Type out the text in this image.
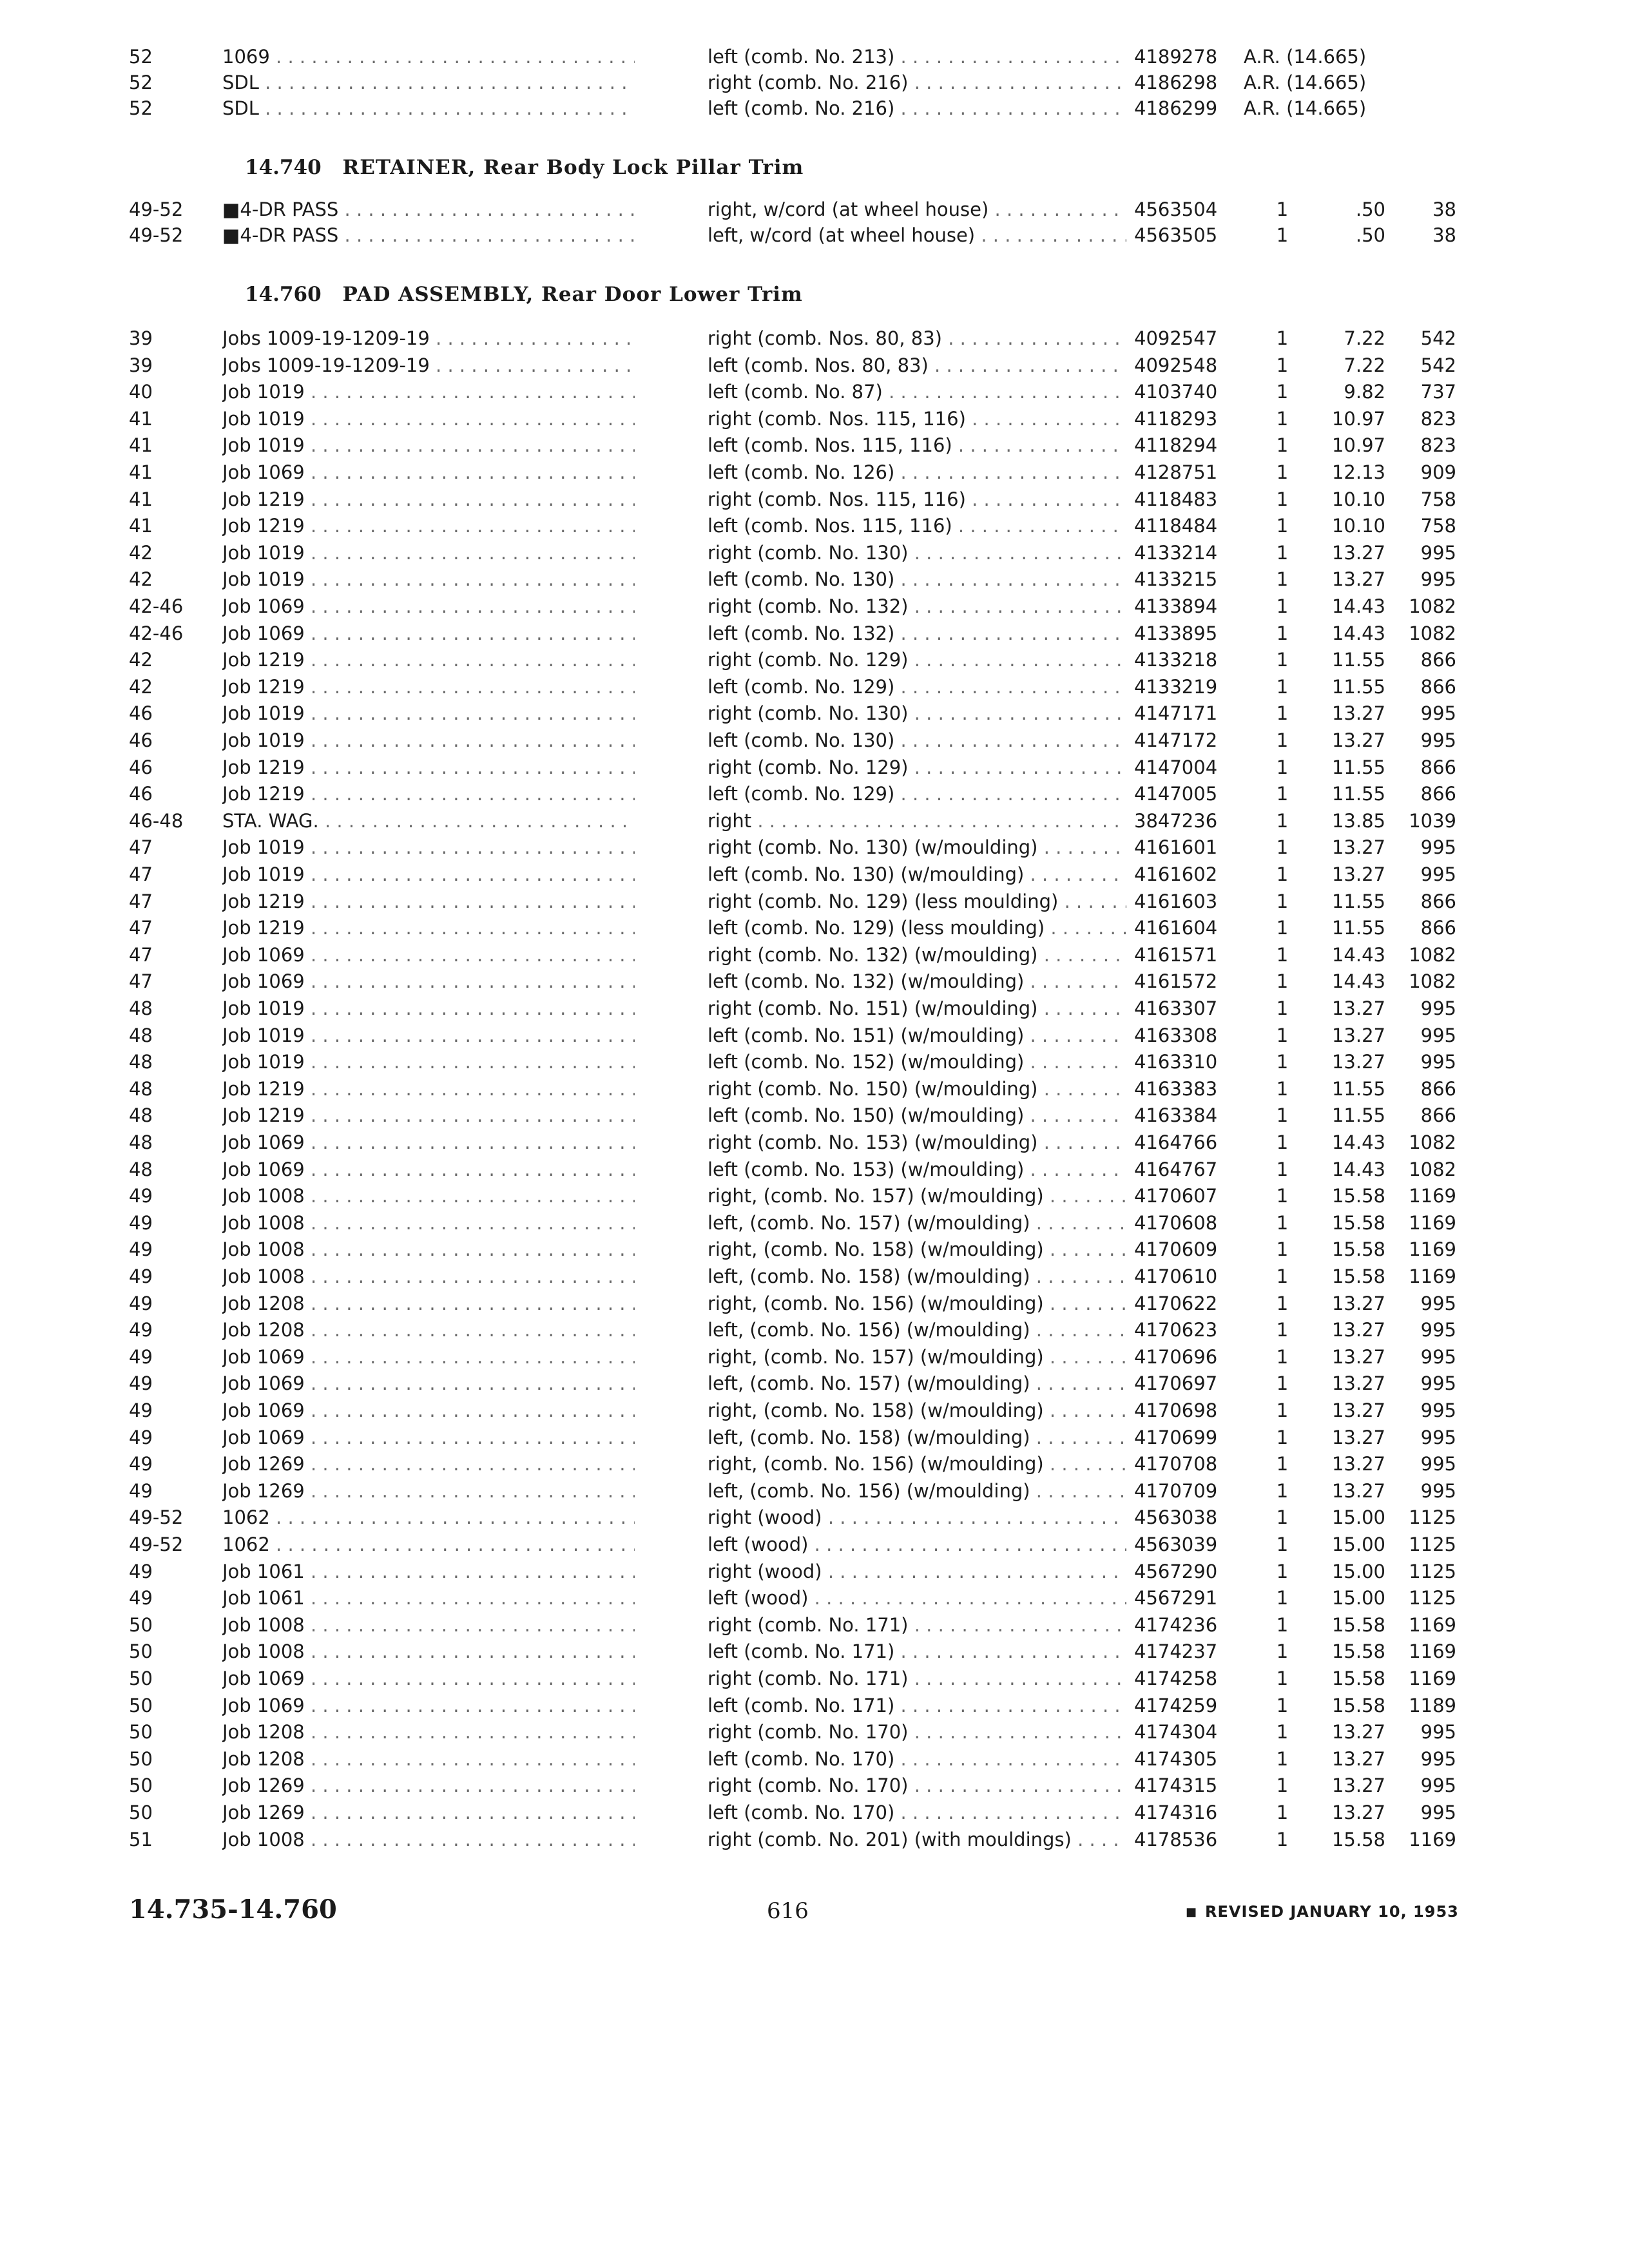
52	1069 . . .	left (comb. No. 213) . . .	4189278	A.R. (14.665)
52	SDL . . .	right (comb. No. 216) . . .	4186298	A.R. (14.665)
52	SDL . . .	left (comb. No. 216) . . .	4186299	A.R. (14.665)
14.740 RETAINER, Rear Body Lock Pillar Trim
49-52	■4-DR PASS . . .	right, w/cord (at wheel house) . . .	4563504	1	.50	38
49-52	■4-DR PASS . . .	left, w/cord (at wheel house) . . .	4563505	1	.50	38
14.760 PAD ASSEMBLY, Rear Door Lower Trim
39	Jobs 1009-19-1209-19 . . .	right (comb. Nos. 80, 83) . . .	4092547	1	7.22	542
39	Jobs 1009-19-1209-19 . . .	left (comb. Nos. 80, 83) . . .	4092548	1	7.22	542
40	Job 1019 . . .	left (comb. No. 87) . . .	4103740	1	9.82	737
41	Job 1019 . . .	right (comb. Nos. 115, 116) . . .	4118293	1	10.97	823
41	Job 1019 . . .	left (comb. Nos. 115, 116) . . .	4118294	1	10.97	823
41	Job 1069 . . .	left (comb. No. 126) . . .	4128751	1	12.13	909
41	Job 1219 . . .	right (comb. Nos. 115, 116) . . .	4118483	1	10.10	758
41	Job 1219 . . .	left (comb. Nos. 115, 116) . . .	4118484	1	10.10	758
42	Job 1019 . . .	right (comb. No. 130) . . .	4133214	1	13.27	995
42	Job 1019 . . .	left (comb. No. 130) . . .	4133215	1	13.27	995
42-46	Job 1069 . . .	right (comb. No. 132) . . .	4133894	1	14.43	1082
42-46	Job 1069 . . .	left (comb. No. 132) . . .	4133895	1	14.43	1082
42	Job 1219 . . .	right (comb. No. 129) . . .	4133218	1	11.55	866
42	Job 1219 . . .	left (comb. No. 129) . . .	4133219	1	11.55	866
46	Job 1019 . . .	right (comb. No. 130) . . .	4147171	1	13.27	995
46	Job 1019 . . .	left (comb. No. 130) . . .	4147172	1	13.27	995
46	Job 1219 . . .	right (comb. No. 129) . . .	4147004	1	11.55	866
46	Job 1219 . . .	left (comb. No. 129) . . .	4147005	1	11.55	866
46-48	STA. WAG. . . .	right . . .	3847236	1	13.85	1039
47	Job 1019 . . .	right (comb. No. 130) (w/moulding) . . .	4161601	1	13.27	995
47	Job 1019 . . .	left (comb. No. 130) (w/moulding) . . .	4161602	1	13.27	995
47	Job 1219 . . .	right (comb. No. 129) (less moulding) . . .	4161603	1	11.55	866
47	Job 1219 . . .	left (comb. No. 129) (less moulding) . . .	4161604	1	11.55	866
47	Job 1069 . . .	right (comb. No. 132) (w/moulding) . . .	4161571	1	14.43	1082
47	Job 1069 . . .	left (comb. No. 132) (w/moulding) . . .	4161572	1	14.43	1082
48	Job 1019 . . .	right (comb. No. 151) (w/moulding) . . .	4163307	1	13.27	995
48	Job 1019 . . .	left (comb. No. 151) (w/moulding) . . .	4163308	1	13.27	995
48	Job 1019 . . .	left (comb. No. 152) (w/moulding) . . .	4163310	1	13.27	995
48	Job 1219 . . .	right (comb. No. 150) (w/moulding) . . .	4163383	1	11.55	866
48	Job 1219 . . .	left (comb. No. 150) (w/moulding) . . .	4163384	1	11.55	866
48	Job 1069 . . .	right (comb. No. 153) (w/moulding) . . .	4164766	1	14.43	1082
48	Job 1069 . . .	left (comb. No. 153) (w/moulding) . . .	4164767	1	14.43	1082
49	Job 1008 . . .	right, (comb. No. 157) (w/moulding) . . .	4170607	1	15.58	1169
49	Job 1008 . . .	left, (comb. No. 157) (w/moulding) . . .	4170608	1	15.58	1169
49	Job 1008 . . .	right, (comb. No. 158) (w/moulding) . . .	4170609	1	15.58	1169
49	Job 1008 . . .	left, (comb. No. 158) (w/moulding) . . .	4170610	1	15.58	1169
49	Job 1208 . . .	right, (comb. No. 156) (w/moulding) . . .	4170622	1	13.27	995
49	Job 1208 . . .	left, (comb. No. 156) (w/moulding) . . .	4170623	1	13.27	995
49	Job 1069 . . .	right, (comb. No. 157) (w/moulding) . . .	4170696	1	13.27	995
49	Job 1069 . . .	left, (comb. No. 157) (w/moulding) . . .	4170697	1	13.27	995
49	Job 1069 . . .	right, (comb. No. 158) (w/moulding) . . .	4170698	1	13.27	995
49	Job 1069 . . .	left, (comb. No. 158) (w/moulding) . . .	4170699	1	13.27	995
49	Job 1269 . . .	right, (comb. No. 156) (w/moulding) . . .	4170708	1	13.27	995
49	Job 1269 . . .	left, (comb. No. 156) (w/moulding) . . .	4170709	1	13.27	995
49-52	1062 . . .	right (wood) . . .	4563038	1	15.00	1125
49-52	1062 . . .	left (wood) . . .	4563039	1	15.00	1125
49	Job 1061 . . .	right (wood) . . .	4567290	1	15.00	1125
49	Job 1061 . . .	left (wood) . . .	4567291	1	15.00	1125
50	Job 1008 . . .	right (comb. No. 171) . . .	4174236	1	15.58	1169
50	Job 1008 . . .	left (comb. No. 171) . . .	4174237	1	15.58	1169
50	Job 1069 . . .	right (comb. No. 171) . . .	4174258	1	15.58	1169
50	Job 1069 . . .	left (comb. No. 171) . . .	4174259	1	15.58	1189
50	Job 1208 . . .	right (comb. No. 170) . . .	4174304	1	13.27	995
50	Job 1208 . . .	left (comb. No. 170) . . .	4174305	1	13.27	995
50	Job 1269 . . .	right (comb. No. 170) . . .	4174315	1	13.27	995
50	Job 1269 . . .	left (comb. No. 170) . . .	4174316	1	13.27	995
51	Job 1008 . . .	right (comb. No. 201) (with mouldings) . . .	4178536	1	15.58	1169
14.735-14.760	616	■ REVISED JANUARY 10, 1953
